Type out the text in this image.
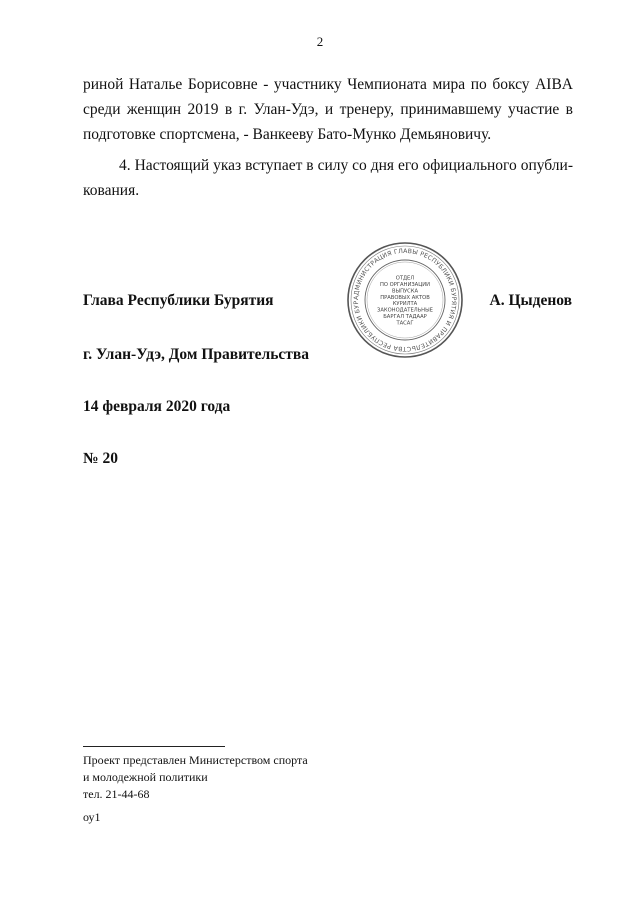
2
риной Наталье Борисовне - участнику Чемпионата мира по боксу AIBA
среди женщин 2019 в г. Улан-Удэ, и тренеру, принимавшему участие в
подготовке спортсмена, - Ванкееву Бато-Мунко Демьяновичу.
4. Настоящий указ вступает в силу со дня его официального опубли-
кования.
АДМИНИСТРАЦИЯ ГЛАВЫ РЕСПУБЛИКИ БУРЯТИЯ И ПРАВИТЕЛЬСТВА РЕСПУБЛИКИ БУР
ОТДЕЛ
ПО ОРГАНИЗАЦИИ
ВЫПУСКА
ПРАВОВЫХ АКТОВ
КУРИЛТА
ЗАКОНОДАТЕЛЬНЫЕ
БАРГАЛ ТАДААР
ТАСАГ
Глава Республики Бурятия	А. Цыденов
г. Улан-Удэ, Дом Правительства
14 февраля 2020 года
№ 20
Проект представлен Министерством спорта
и молодежной политики
тел. 21-44-68
оу1
